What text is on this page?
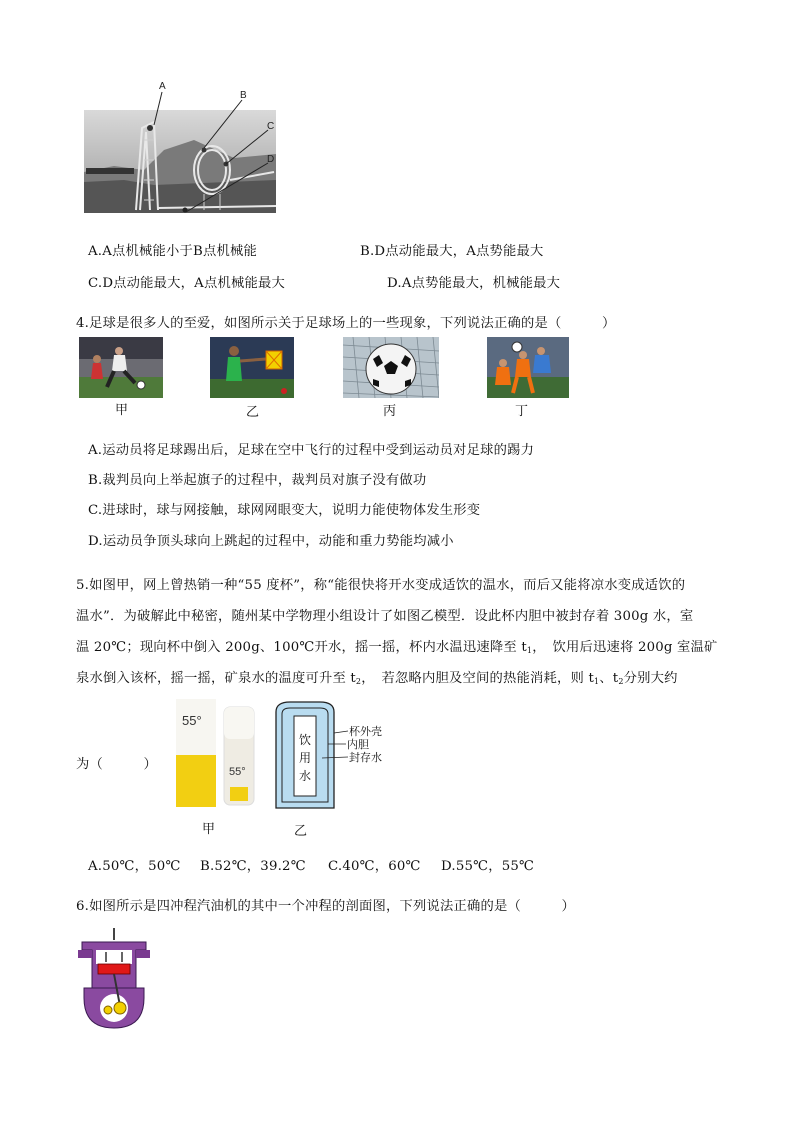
A
B
C
D
A.A点机械能小于B点机械能	B.D点动能最大，A点势能最大
C.D点动能最大，A点机械能最大	D.A点势能最大，机械能最大
4.足球是很多人的至爱，如图所示关于足球场上的一些现象，下列说法正确的是（　　　）
甲	乙	丙	丁
A.运动员将足球踢出后，足球在空中飞行的过程中受到运动员对足球的踢力
B.裁判员向上举起旗子的过程中，裁判员对旗子没有做功
C.进球时，球与网接触，球网网眼变大，说明力能使物体发生形变
D.运动员争顶头球向上跳起的过程中，动能和重力势能均减小
5.如图甲，网上曾热销一种“55 度杯”，称“能很快将开水变成适饮的温水，而后又能将凉水变成适饮的
温水”．为破解此中秘密，随州某中学物理小组设计了如图乙模型．设此杯内胆中被封存着 300g 水，室
温 20℃；现向杯中倒入 200g、100℃开水，摇一摇，杯内水温迅速降至 $t_1$，　饮用后迅速将 200g 室温矿
泉水倒入该杯，摇一摇，矿泉水的温度可升至 $t_2$，　若忽略内胆及空间的热能消耗，则 $t_1$、$t_2$分别大约
55°
55°
饮
用
水
杯外壳
内胆
封存水
为（　　　）
甲	乙
A.50℃，50℃ B.52℃，39.2℃ C.40℃，60℃ D.55℃，55℃
6.如图所示是四冲程汽油机的其中一个冲程的剖面图，下列说法正确的是（　　　）
